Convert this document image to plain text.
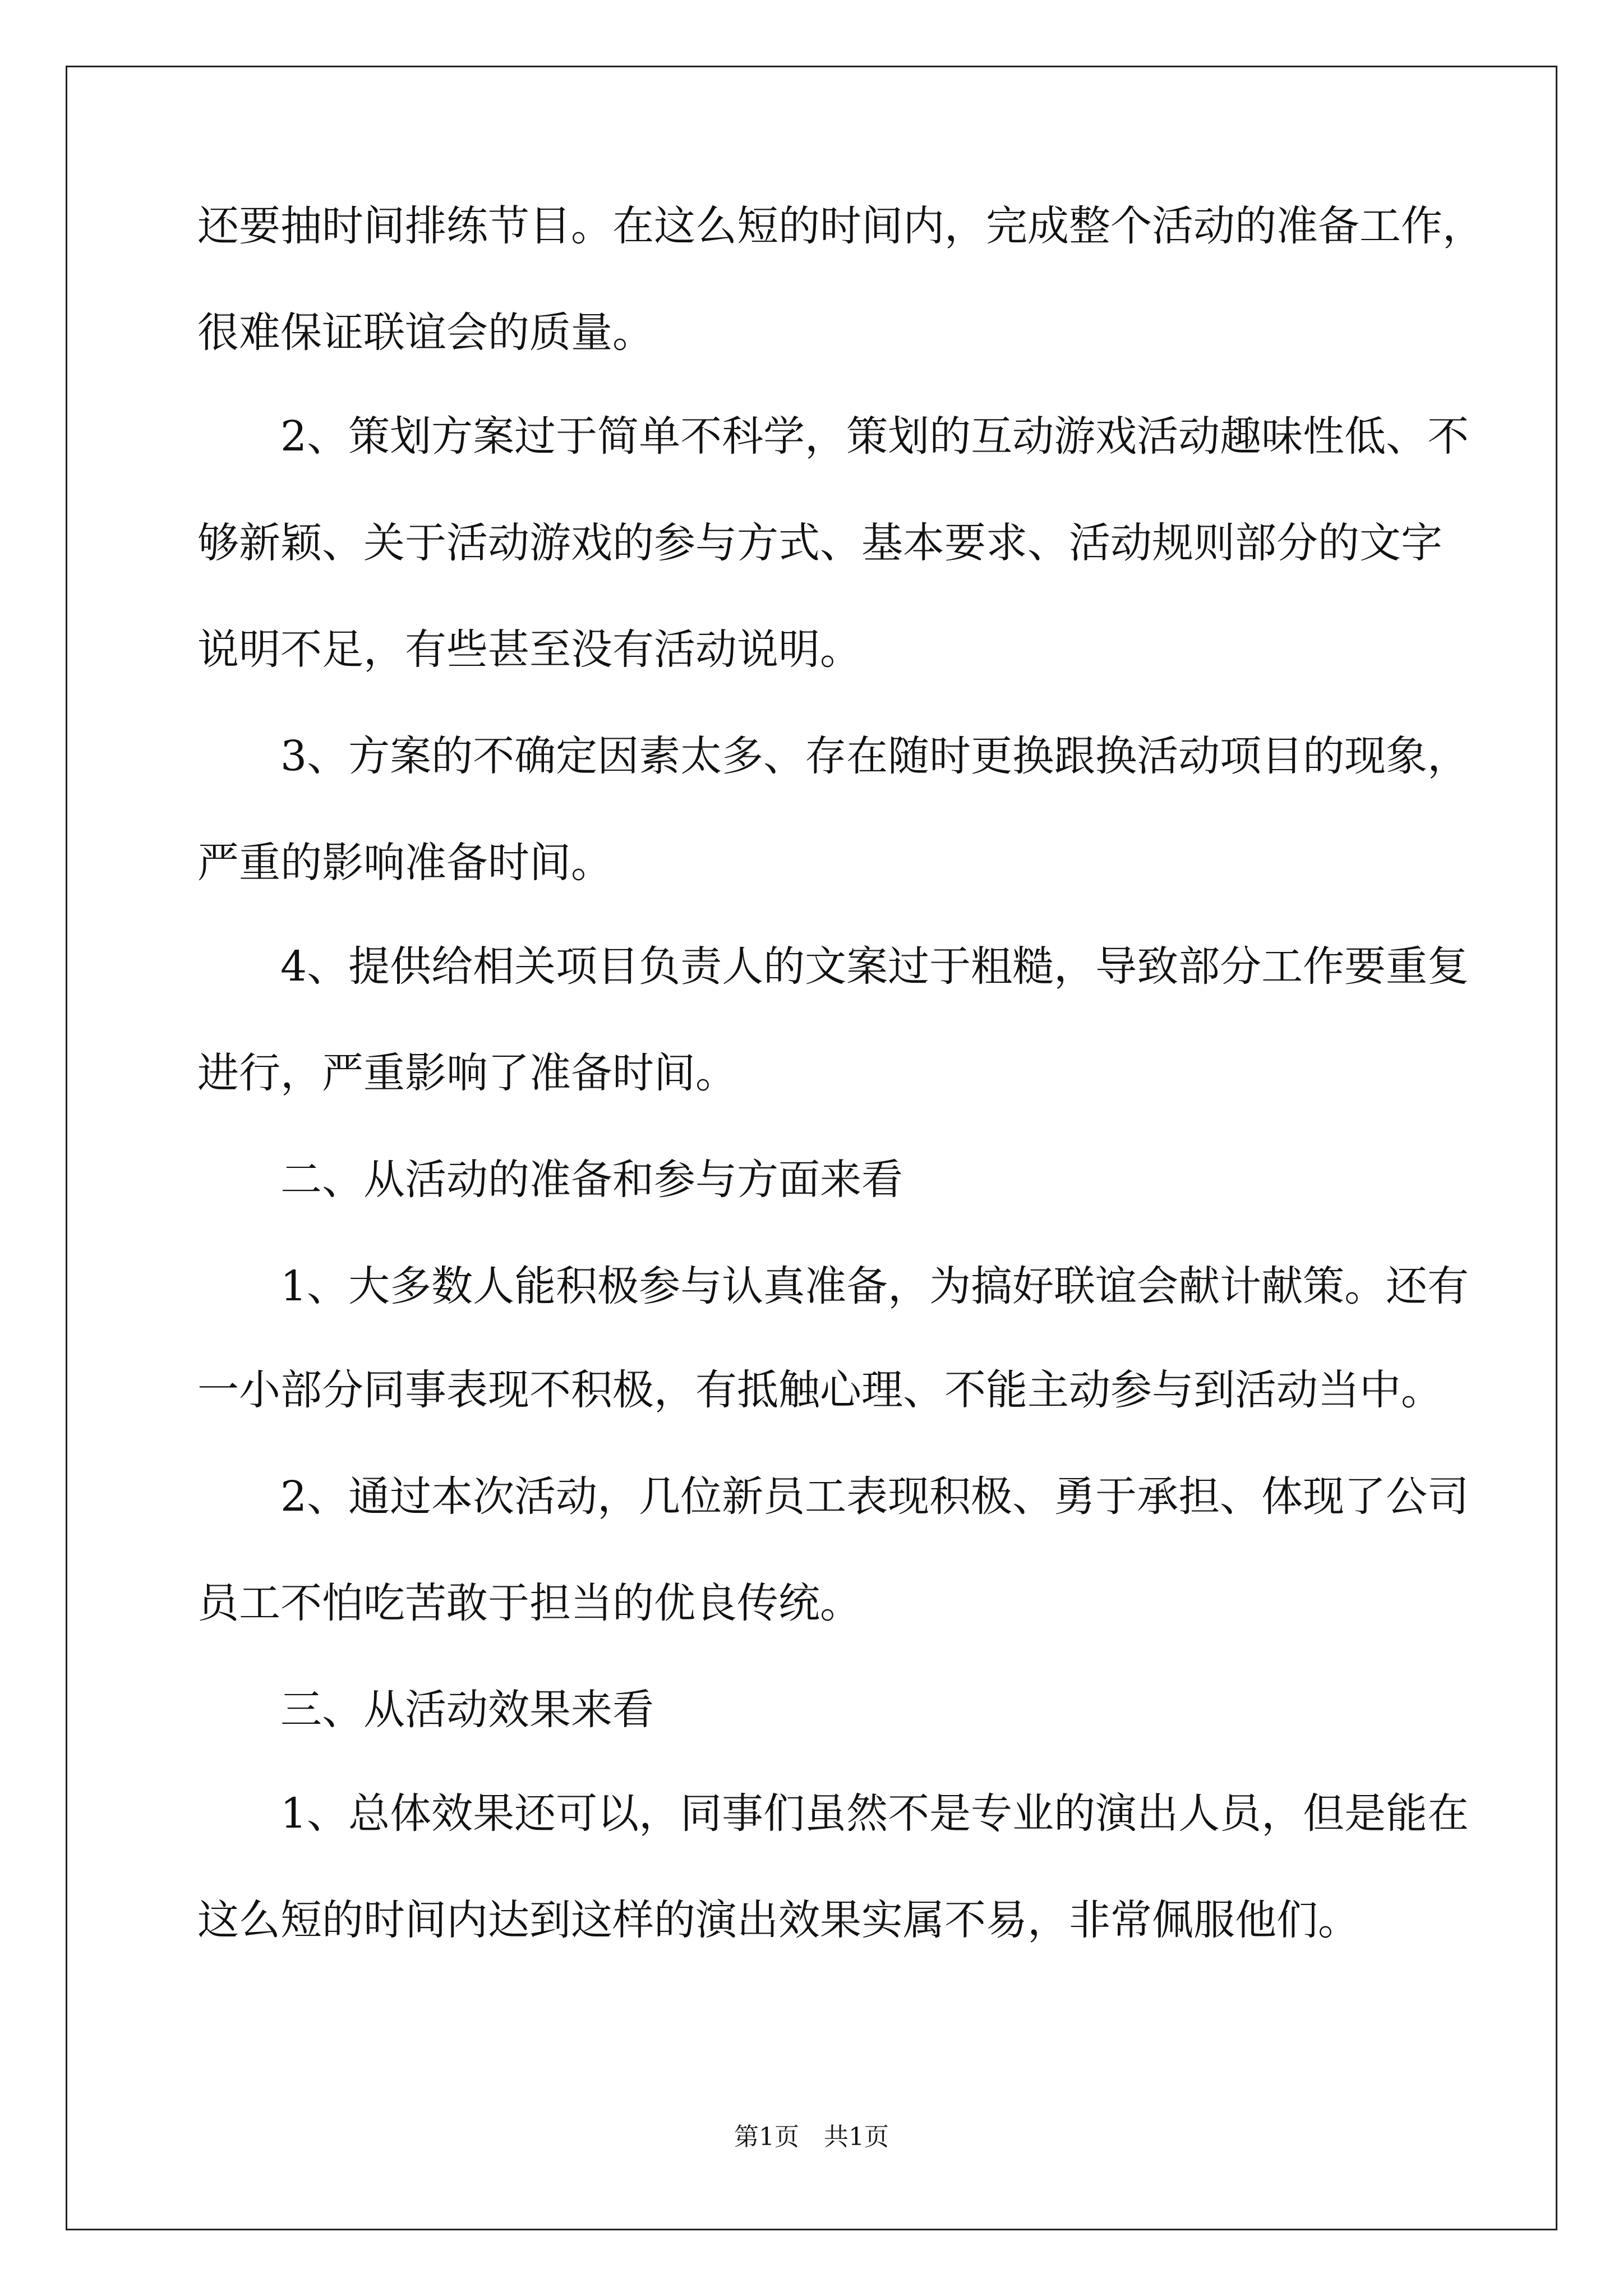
还要抽时间排练节目。在这么短的时间内，完成整个活动的准备工作，
很难保证联谊会的质量。
　　2、策划方案过于简单不科学，策划的互动游戏活动趣味性低、不
够新颖、关于活动游戏的参与方式、基本要求、活动规则部分的文字
说明不足，有些甚至没有活动说明。
　　3、方案的不确定因素太多、存在随时更换跟换活动项目的现象，
严重的影响准备时间。
　　4、提供给相关项目负责人的文案过于粗糙，导致部分工作要重复
进行，严重影响了准备时间。
　　二、从活动的准备和参与方面来看
　　1、大多数人能积极参与认真准备，为搞好联谊会献计献策。还有
一小部分同事表现不积极，有抵触心理、不能主动参与到活动当中。
　　2、通过本次活动，几位新员工表现积极、勇于承担、体现了公司
员工不怕吃苦敢于担当的优良传统。
　　三、从活动效果来看
　　1、总体效果还可以，同事们虽然不是专业的演出人员，但是能在
这么短的时间内达到这样的演出效果实属不易，非常佩服他们。
第1页　共1页
